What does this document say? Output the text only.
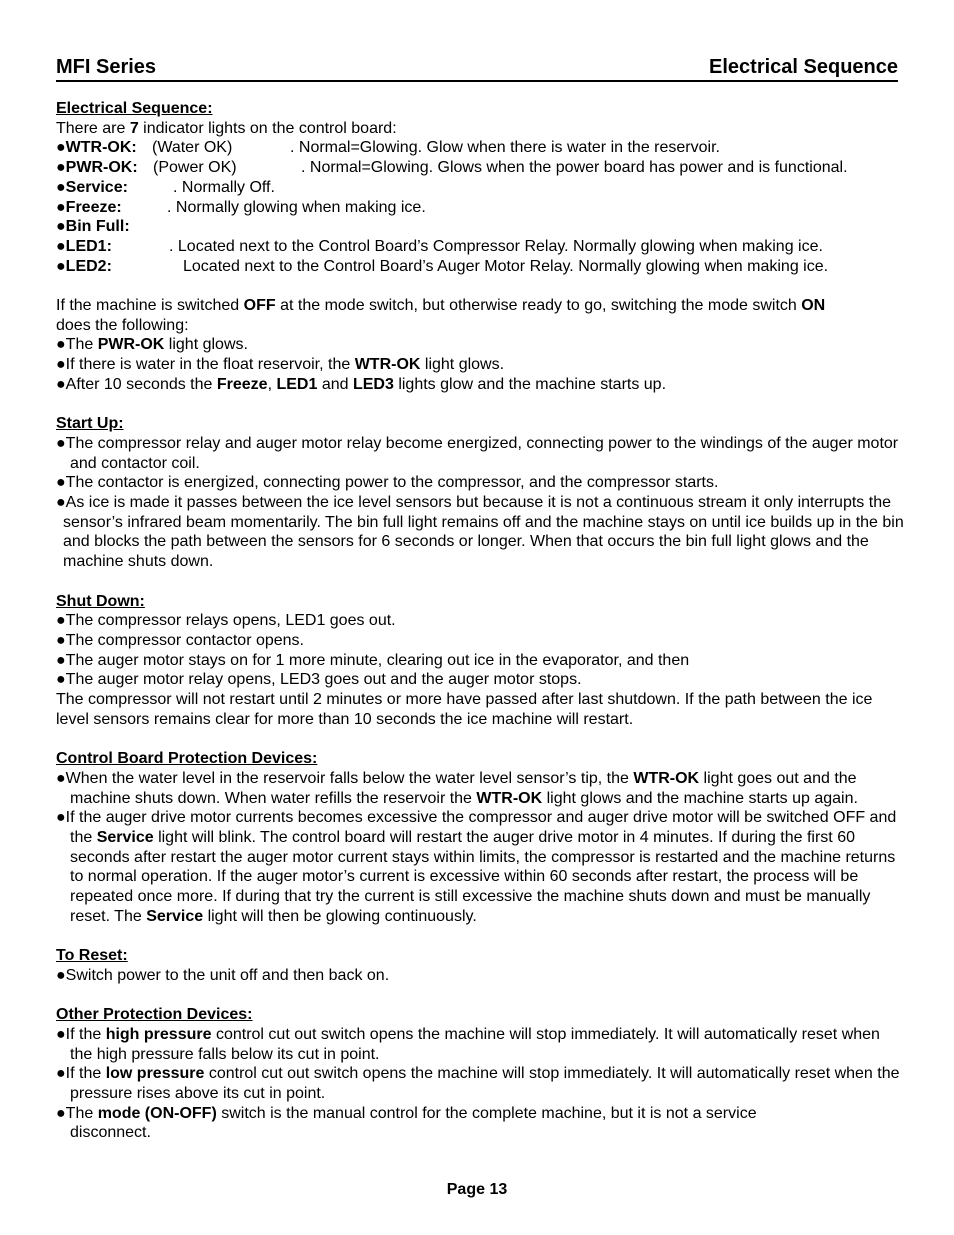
MFI Series	Electrical Sequence
Electrical Sequence:
There are 7 indicator lights on the control board:
●WTR-OK: (Water OK)	. Normal=Glowing. Glow when there is water in the reservoir.
●PWR-OK: (Power OK)	. Normal=Glowing. Glows when the power board has power and is functional.
●Service:	. Normally Off.
●Freeze:	. Normally glowing when making ice.
●Bin Full:
●LED1:	. Located next to the Control Board’s Compressor Relay. Normally glowing when making ice.
●LED2:	Located next to the Control Board’s Auger Motor Relay. Normally glowing when making ice.
If the machine is switched OFF at the mode switch, but otherwise ready to go, switching the mode switch ON
does the following:
●The PWR-OK light glows.
●If there is water in the float reservoir, the WTR-OK light glows.
●After 10 seconds the Freeze, LED1 and LED3 lights glow and the machine starts up.
Start Up:
●The compressor relay and auger motor relay become energized, connecting power to the windings of the auger motor and contactor coil.
●The contactor is energized, connecting power to the compressor, and the compressor starts.
●As ice is made it passes between the ice level sensors but because it is not a continuous stream it only interrupts the sensor’s infrared beam momentarily. The bin full light remains off and the machine stays on until ice builds up in the bin and blocks the path between the sensors for 6 seconds or longer. When that occurs the bin full light glows and the machine shuts down.
Shut Down:
●The compressor relays opens, LED1 goes out.
●The compressor contactor opens.
●The auger motor stays on for 1 more minute, clearing out ice in the evaporator, and then
●The auger motor relay opens, LED3 goes out and the auger motor stops.
The compressor will not restart until 2 minutes or more have passed after last shutdown. If the path between the ice level sensors remains clear for more than 10 seconds the ice machine will restart.
Control Board Protection Devices:
●When the water level in the reservoir falls below the water level sensor’s tip, the WTR-OK light goes out and the machine shuts down. When water refills the reservoir the WTR-OK light glows and the machine starts up again.
●If the auger drive motor currents becomes excessive the compressor and auger drive motor will be switched OFF and the Service light will blink. The control board will restart the auger drive motor in 4 minutes. If during the first 60 seconds after restart the auger motor current stays within limits, the compressor is restarted and the machine returns to normal operation. If the auger motor’s current is excessive within 60 seconds after restart, the process will be repeated once more. If during that try the current is still excessive the machine shuts down and must be manually reset. The Service light will then be glowing continuously.
To Reset:
●Switch power to the unit off and then back on.
Other Protection Devices:
●If the high pressure control cut out switch opens the machine will stop immediately. It will automatically reset when the high pressure falls below its cut in point.
●If the low pressure control cut out switch opens the machine will stop immediately. It will automatically reset when the pressure rises above its cut in point.
●The mode (ON-OFF) switch is the manual control for the complete machine, but it is not a service disconnect.
Page 13
